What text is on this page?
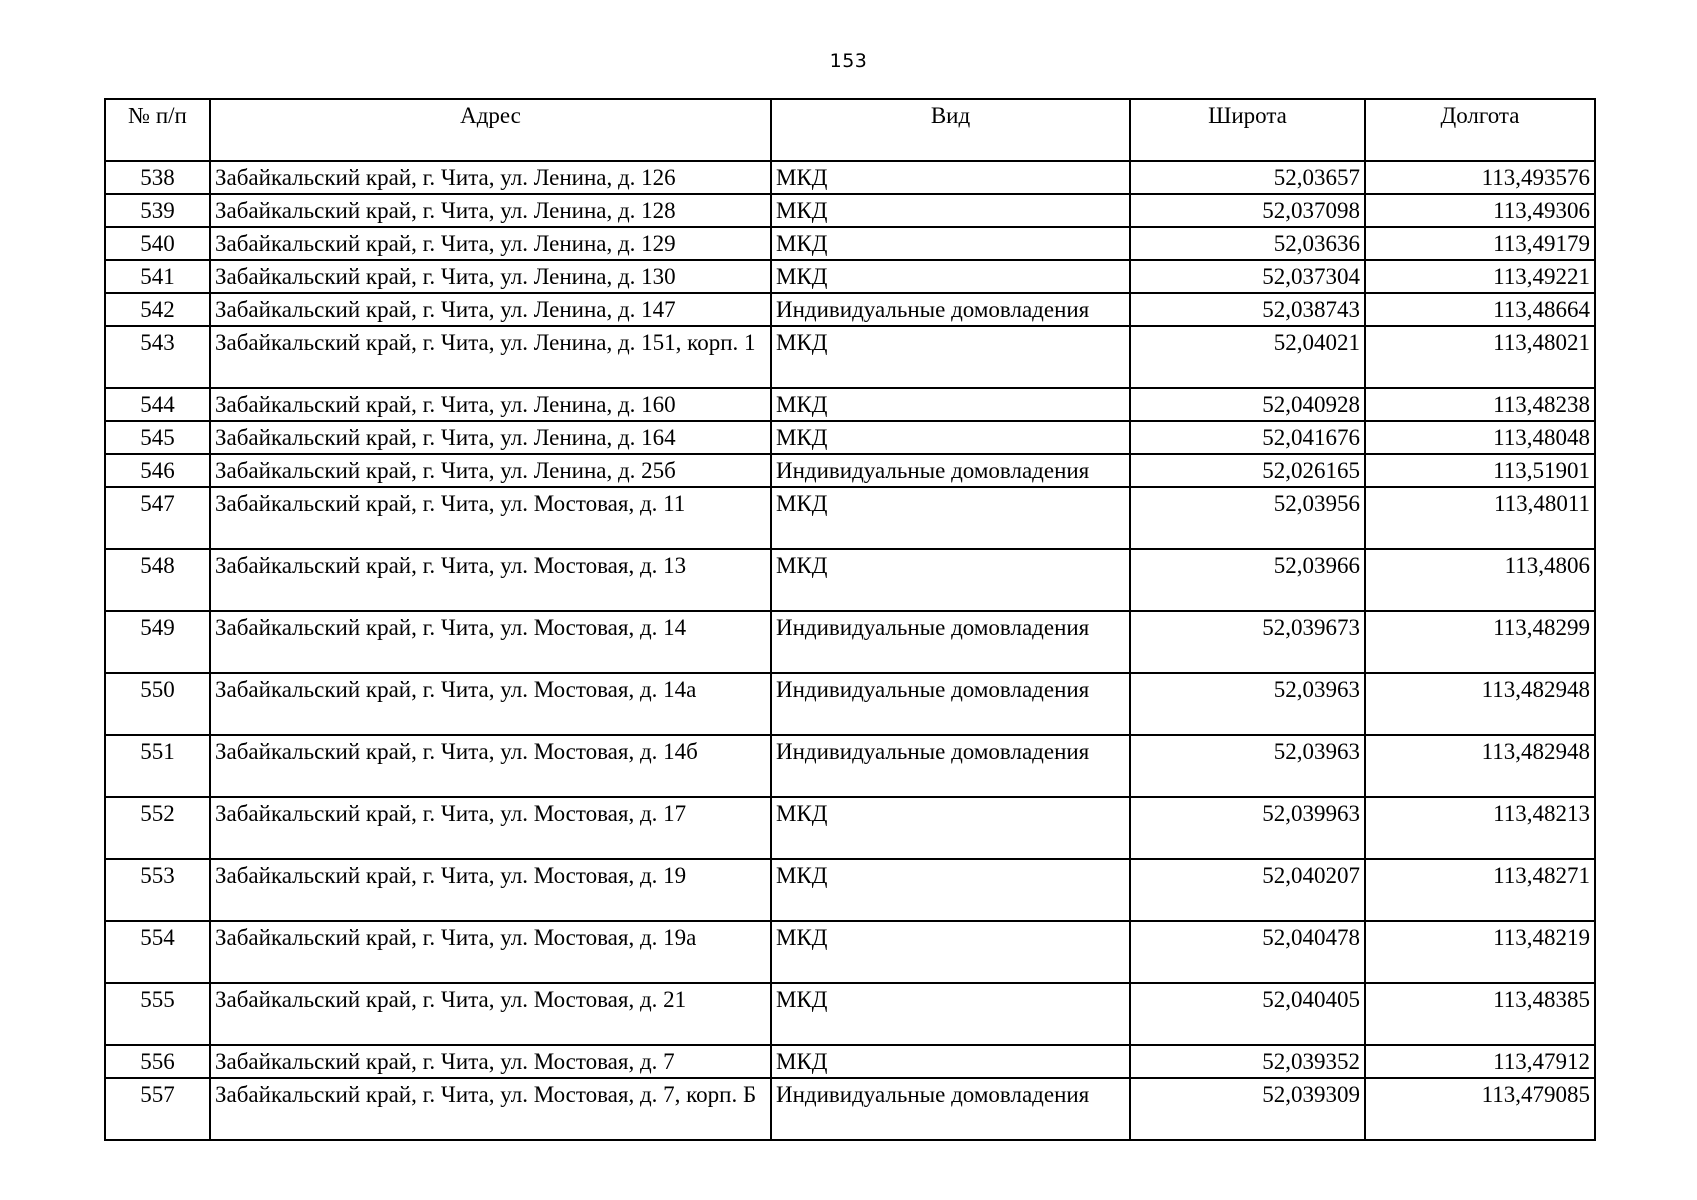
153
№ п/п	Адрес	Вид	Широта	Долгота
538	Забайкальский край, г. Чита, ул. Ленина, д. 126	МКД	52,03657	113,493576
539	Забайкальский край, г. Чита, ул. Ленина, д. 128	МКД	52,037098	113,49306
540	Забайкальский край, г. Чита, ул. Ленина, д. 129	МКД	52,03636	113,49179
541	Забайкальский край, г. Чита, ул. Ленина, д. 130	МКД	52,037304	113,49221
542	Забайкальский край, г. Чита, ул. Ленина, д. 147	Индивидуальные домовладения	52,038743	113,48664
543	Забайкальский край, г. Чита, ул. Ленина, д. 151, корп. 1	МКД	52,04021	113,48021
544	Забайкальский край, г. Чита, ул. Ленина, д. 160	МКД	52,040928	113,48238
545	Забайкальский край, г. Чита, ул. Ленина, д. 164	МКД	52,041676	113,48048
546	Забайкальский край, г. Чита, ул. Ленина, д. 25б	Индивидуальные домовладения	52,026165	113,51901
547	Забайкальский край, г. Чита, ул. Мостовая, д. 11	МКД	52,03956	113,48011
548	Забайкальский край, г. Чита, ул. Мостовая, д. 13	МКД	52,03966	113,4806
549	Забайкальский край, г. Чита, ул. Мостовая, д. 14	Индивидуальные домовладения	52,039673	113,48299
550	Забайкальский край, г. Чита, ул. Мостовая, д. 14а	Индивидуальные домовладения	52,03963	113,482948
551	Забайкальский край, г. Чита, ул. Мостовая, д. 14б	Индивидуальные домовладения	52,03963	113,482948
552	Забайкальский край, г. Чита, ул. Мостовая, д. 17	МКД	52,039963	113,48213
553	Забайкальский край, г. Чита, ул. Мостовая, д. 19	МКД	52,040207	113,48271
554	Забайкальский край, г. Чита, ул. Мостовая, д. 19а	МКД	52,040478	113,48219
555	Забайкальский край, г. Чита, ул. Мостовая, д. 21	МКД	52,040405	113,48385
556	Забайкальский край, г. Чита, ул. Мостовая, д. 7	МКД	52,039352	113,47912
557	Забайкальский край, г. Чита, ул. Мостовая, д. 7, корп. Б	Индивидуальные домовладения	52,039309	113,479085
